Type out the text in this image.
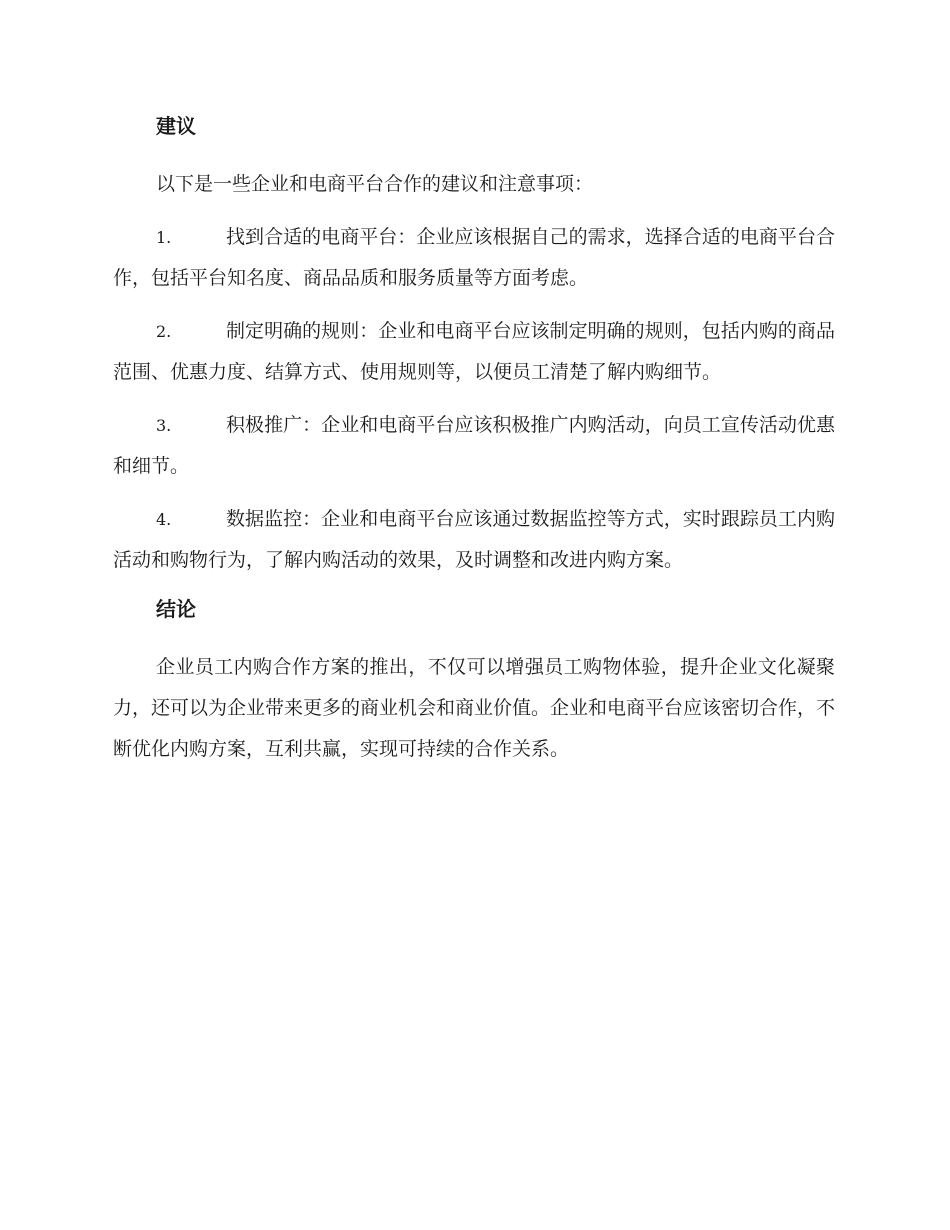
建议

以下是一些企业和电商平台合作的建议和注意事项：

1.	找到合适的电商平台：企业应该根据自己的需求，选择合适的电商平台合作，包括平台知名度、商品品质和服务质量等方面考虑。

2.	制定明确的规则：企业和电商平台应该制定明确的规则，包括内购的商品范围、优惠力度、结算方式、使用规则等，以便员工清楚了解内购细节。

3.	积极推广：企业和电商平台应该积极推广内购活动，向员工宣传活动优惠和细节。

4.	数据监控：企业和电商平台应该通过数据监控等方式，实时跟踪员工内购活动和购物行为，了解内购活动的效果，及时调整和改进内购方案。

结论

企业员工内购合作方案的推出，不仅可以增强员工购物体验，提升企业文化凝聚力，还可以为企业带来更多的商业机会和商业价值。企业和电商平台应该密切合作，不断优化内购方案，互利共赢，实现可持续的合作关系。
